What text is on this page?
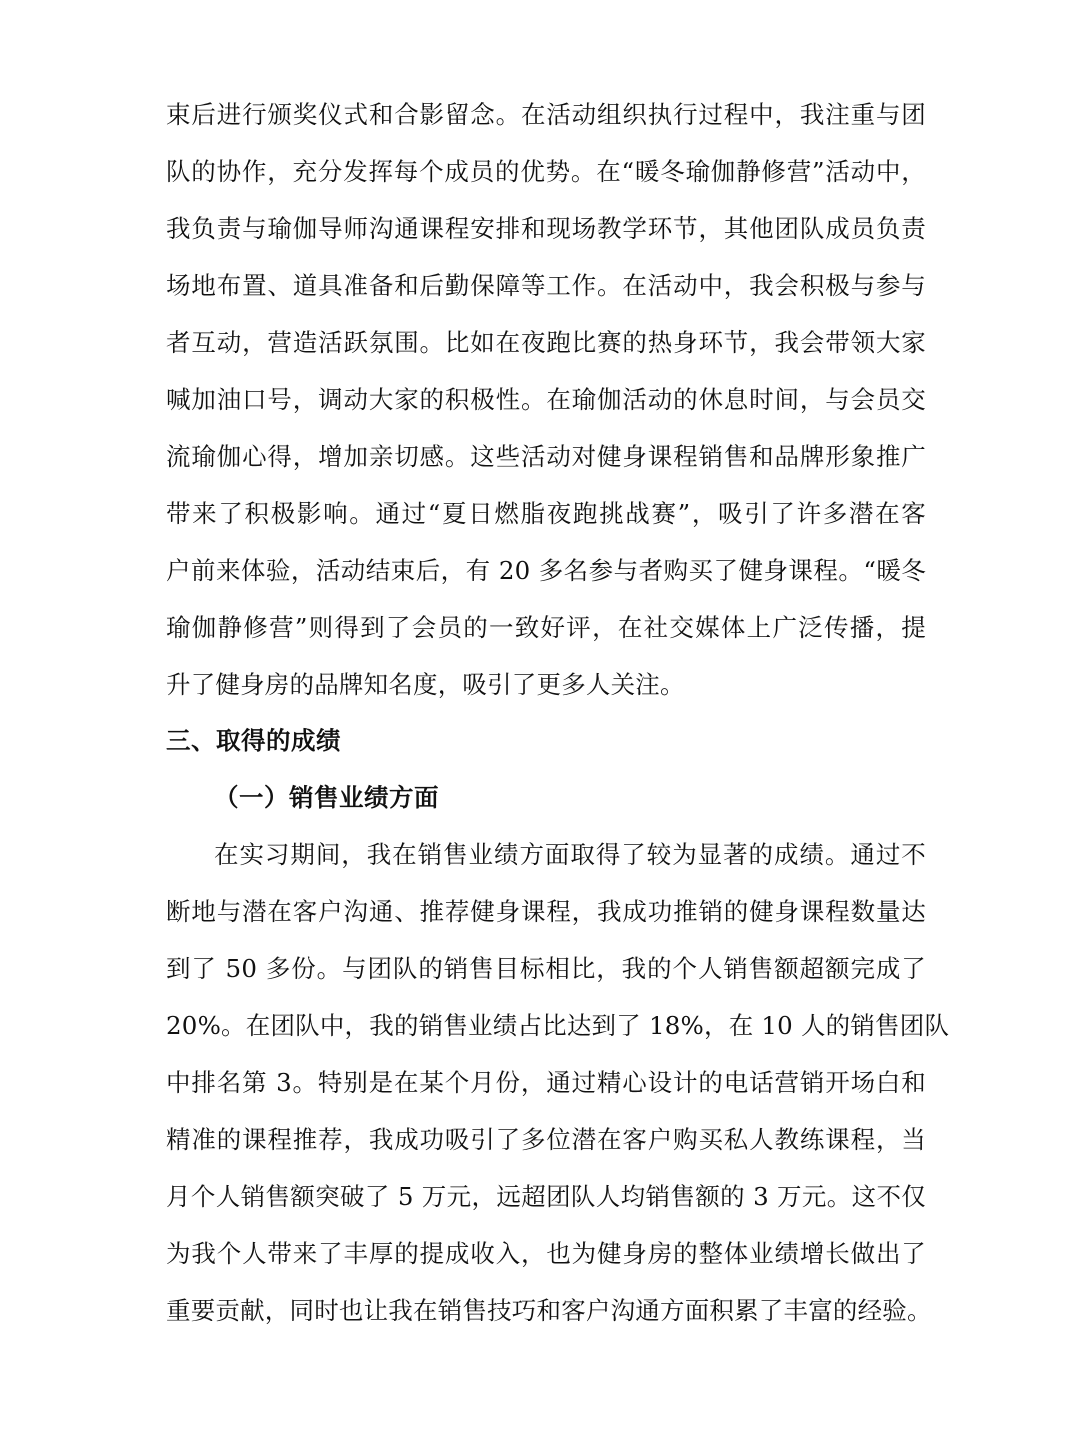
束后进行颁奖仪式和合影留念。在活动组织执行过程中，我注重与团
队的协作，充分发挥每个成员的优势。在“暖冬瑜伽静修营”活动中，
我负责与瑜伽导师沟通课程安排和现场教学环节，其他团队成员负责
场地布置、道具准备和后勤保障等工作。在活动中，我会积极与参与
者互动，营造活跃氛围。比如在夜跑比赛的热身环节，我会带领大家
喊加油口号，调动大家的积极性。在瑜伽活动的休息时间，与会员交
流瑜伽心得，增加亲切感。这些活动对健身课程销售和品牌形象推广
带来了积极影响。通过“夏日燃脂夜跑挑战赛”，吸引了许多潜在客
户前来体验，活动结束后，有 20 多名参与者购买了健身课程。“暖冬
瑜伽静修营”则得到了会员的一致好评，在社交媒体上广泛传播，提
升了健身房的品牌知名度，吸引了更多人关注。
三、取得的成绩
（一）销售业绩方面
在实习期间，我在销售业绩方面取得了较为显著的成绩。通过不
断地与潜在客户沟通、推荐健身课程，我成功推销的健身课程数量达
到了 50 多份。与团队的销售目标相比，我的个人销售额超额完成了
20%。在团队中，我的销售业绩占比达到了 18%，在 10 人的销售团队
中排名第 3。特别是在某个月份，通过精心设计的电话营销开场白和
精准的课程推荐，我成功吸引了多位潜在客户购买私人教练课程，当
月个人销售额突破了 5 万元，远超团队人均销售额的 3 万元。这不仅
为我个人带来了丰厚的提成收入，也为健身房的整体业绩增长做出了
重要贡献，同时也让我在销售技巧和客户沟通方面积累了丰富的经验。
